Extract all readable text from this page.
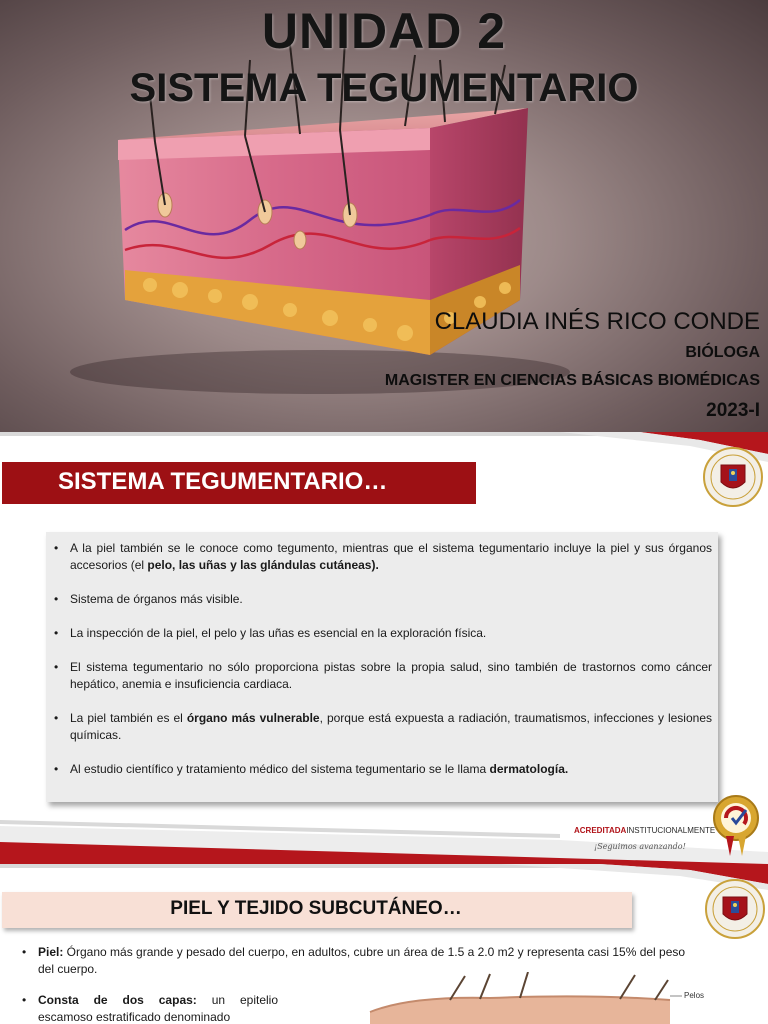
UNIDAD 2
SISTEMA TEGUMENTARIO
CLAUDIA INÉS RICO CONDE
BIÓLOGA
MAGISTER EN CIENCIAS BÁSICAS BIOMÉDICAS
2023-I
SISTEMA TEGUMENTARIO…
• A la piel también se le conoce como tegumento, mientras que el sistema tegumentario incluye la piel y sus órganos accesorios (el pelo, las uñas y las glándulas cutáneas).
• Sistema de órganos más visible.
• La inspección de la piel, el pelo y las uñas es esencial en la exploración física.
• El sistema tegumentario no sólo proporciona pistas sobre la propia salud, sino también de trastornos como cáncer hepático, anemia e insuficiencia cardiaca.
• La piel también es el órgano más vulnerable, porque está expuesta a radiación, traumatismos, infecciones y lesiones químicas.
• Al estudio científico y tratamiento médico del sistema tegumentario se le llama dermatología.
ACREDITADAINSTITUCIONALMENTE
¡Seguimos avanzando!
PIEL Y TEJIDO SUBCUTÁNEO…
• Piel: Órgano más grande y pesado del cuerpo, en adultos, cubre un área de 1.5 a 2.0 m2 y representa casi 15% del peso del cuerpo.
• Consta de dos capas: un epitelio escamoso estratificado denominado
Pelos
